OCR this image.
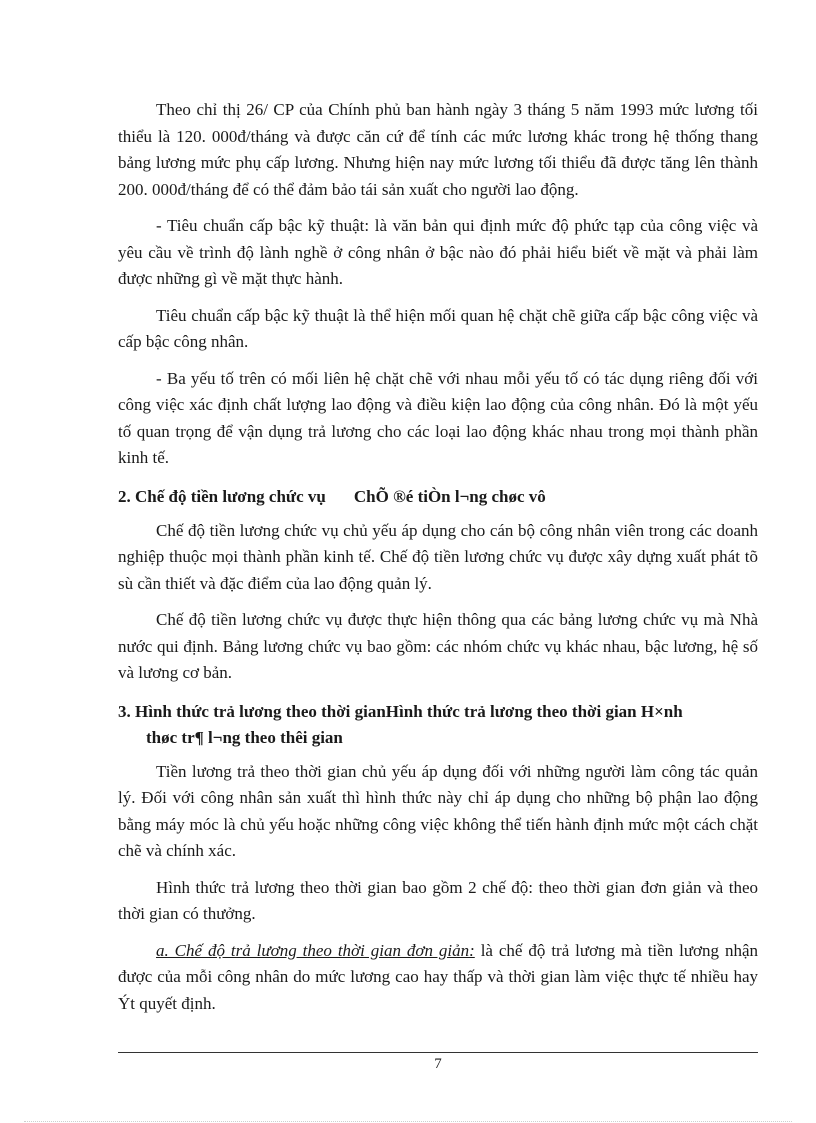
Theo chỉ thị 26/ CP của Chính phủ ban hành ngày 3 tháng 5 năm 1993 mức lương tối thiểu là 120. 000đ/tháng và được căn cứ để tính các mức lương khác trong hệ thống thang bảng lương mức phụ cấp lương. Nhưng hiện nay mức lương tối thiểu đã được tăng lên thành 200. 000đ/tháng để có thể đảm bảo tái sản xuất cho người lao động.

- Tiêu chuẩn cấp bậc kỹ thuật: là văn bản qui định mức độ phức tạp của công việc và yêu cầu về trình độ lành nghề ở công nhân ở bậc nào đó phải hiểu biết về mặt và phải làm được những gì về mặt thực hành.

Tiêu chuẩn cấp bậc kỹ thuật là thể hiện mối quan hệ chặt chẽ giữa cấp bậc công việc và cấp bậc công nhân.

- Ba yếu tố trên có mối liên hệ chặt chẽ với nhau mỗi yếu tố có tác dụng riêng đối với công việc xác định chất lượng lao động và điều kiện lao động của công nhân. Đó là một yếu tố quan trọng để vận dụng trả lương cho các loại lao động khác nhau trong mọi thành phần kinh tế.

2. Chế độ tiền lương chức vụ ChÕ ®é tiÒn l¬ng chøc vô

Chế độ tiền lương chức vụ chủ yếu áp dụng cho cán bộ công nhân viên trong các doanh nghiệp thuộc mọi thành phần kinh tế. Chế độ tiền lương chức vụ được xây dựng xuất phát tõ sù cần thiết và đặc điểm của lao động quản lý.

Chế độ tiền lương chức vụ được thực hiện thông qua các bảng lương chức vụ mà Nhà nước qui định. Bảng lương chức vụ bao gồm: các nhóm chức vụ khác nhau, bậc lương, hệ số và lương cơ bản.

3. Hình thức trả lương theo thời gianHình thức trả lương theo thời gian H×nh
thøc tr¶ l¬ng theo thêi gian

Tiền lương trả theo thời gian chủ yếu áp dụng đối với những người làm công tác quản lý. Đối với công nhân sản xuất thì hình thức này chỉ áp dụng cho những bộ phận lao động bằng máy móc là chủ yếu hoặc những công việc không thể tiến hành định mức một cách chặt chẽ và chính xác.

Hình thức trả lương theo thời gian bao gồm 2 chế độ: theo thời gian đơn giản và theo thời gian có thưởng.

a. Chế độ trả lương theo thời gian đơn giản: là chế độ trả lương mà tiền lương nhận được của mỗi công nhân do mức lương cao hay thấp và thời gian làm việc thực tế nhiều hay Ýt quyết định.

7
